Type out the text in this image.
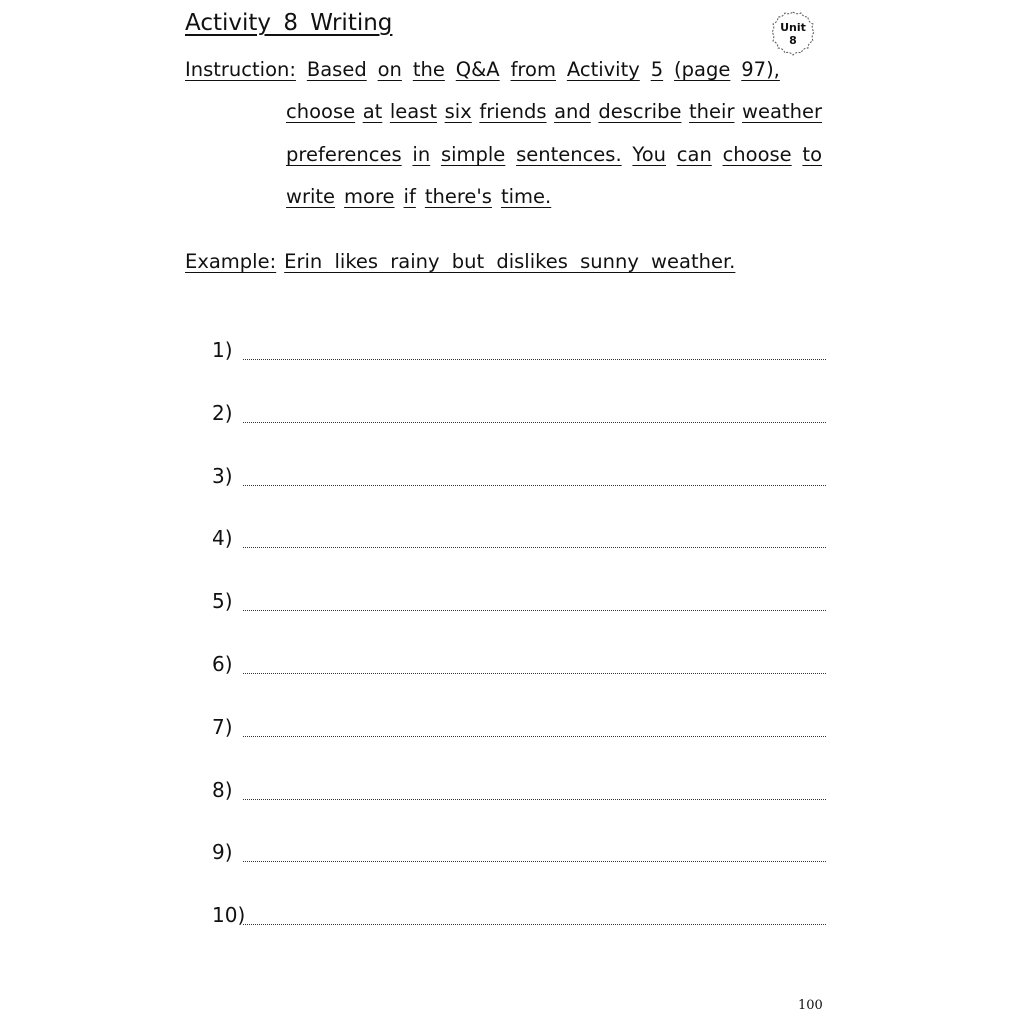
Activity 8 Writing	Unit
8
Instruction: Based on the Q&A from Activity 5 (page 97),
choose at least six friends and describe their weather
preferences in simple sentences. You can choose to
write more if there's time.
Example: Erin likes rainy but dislikes sunny weather.
1)
2)
3)
4)
5)
6)
7)
8)
9)
10)
100
